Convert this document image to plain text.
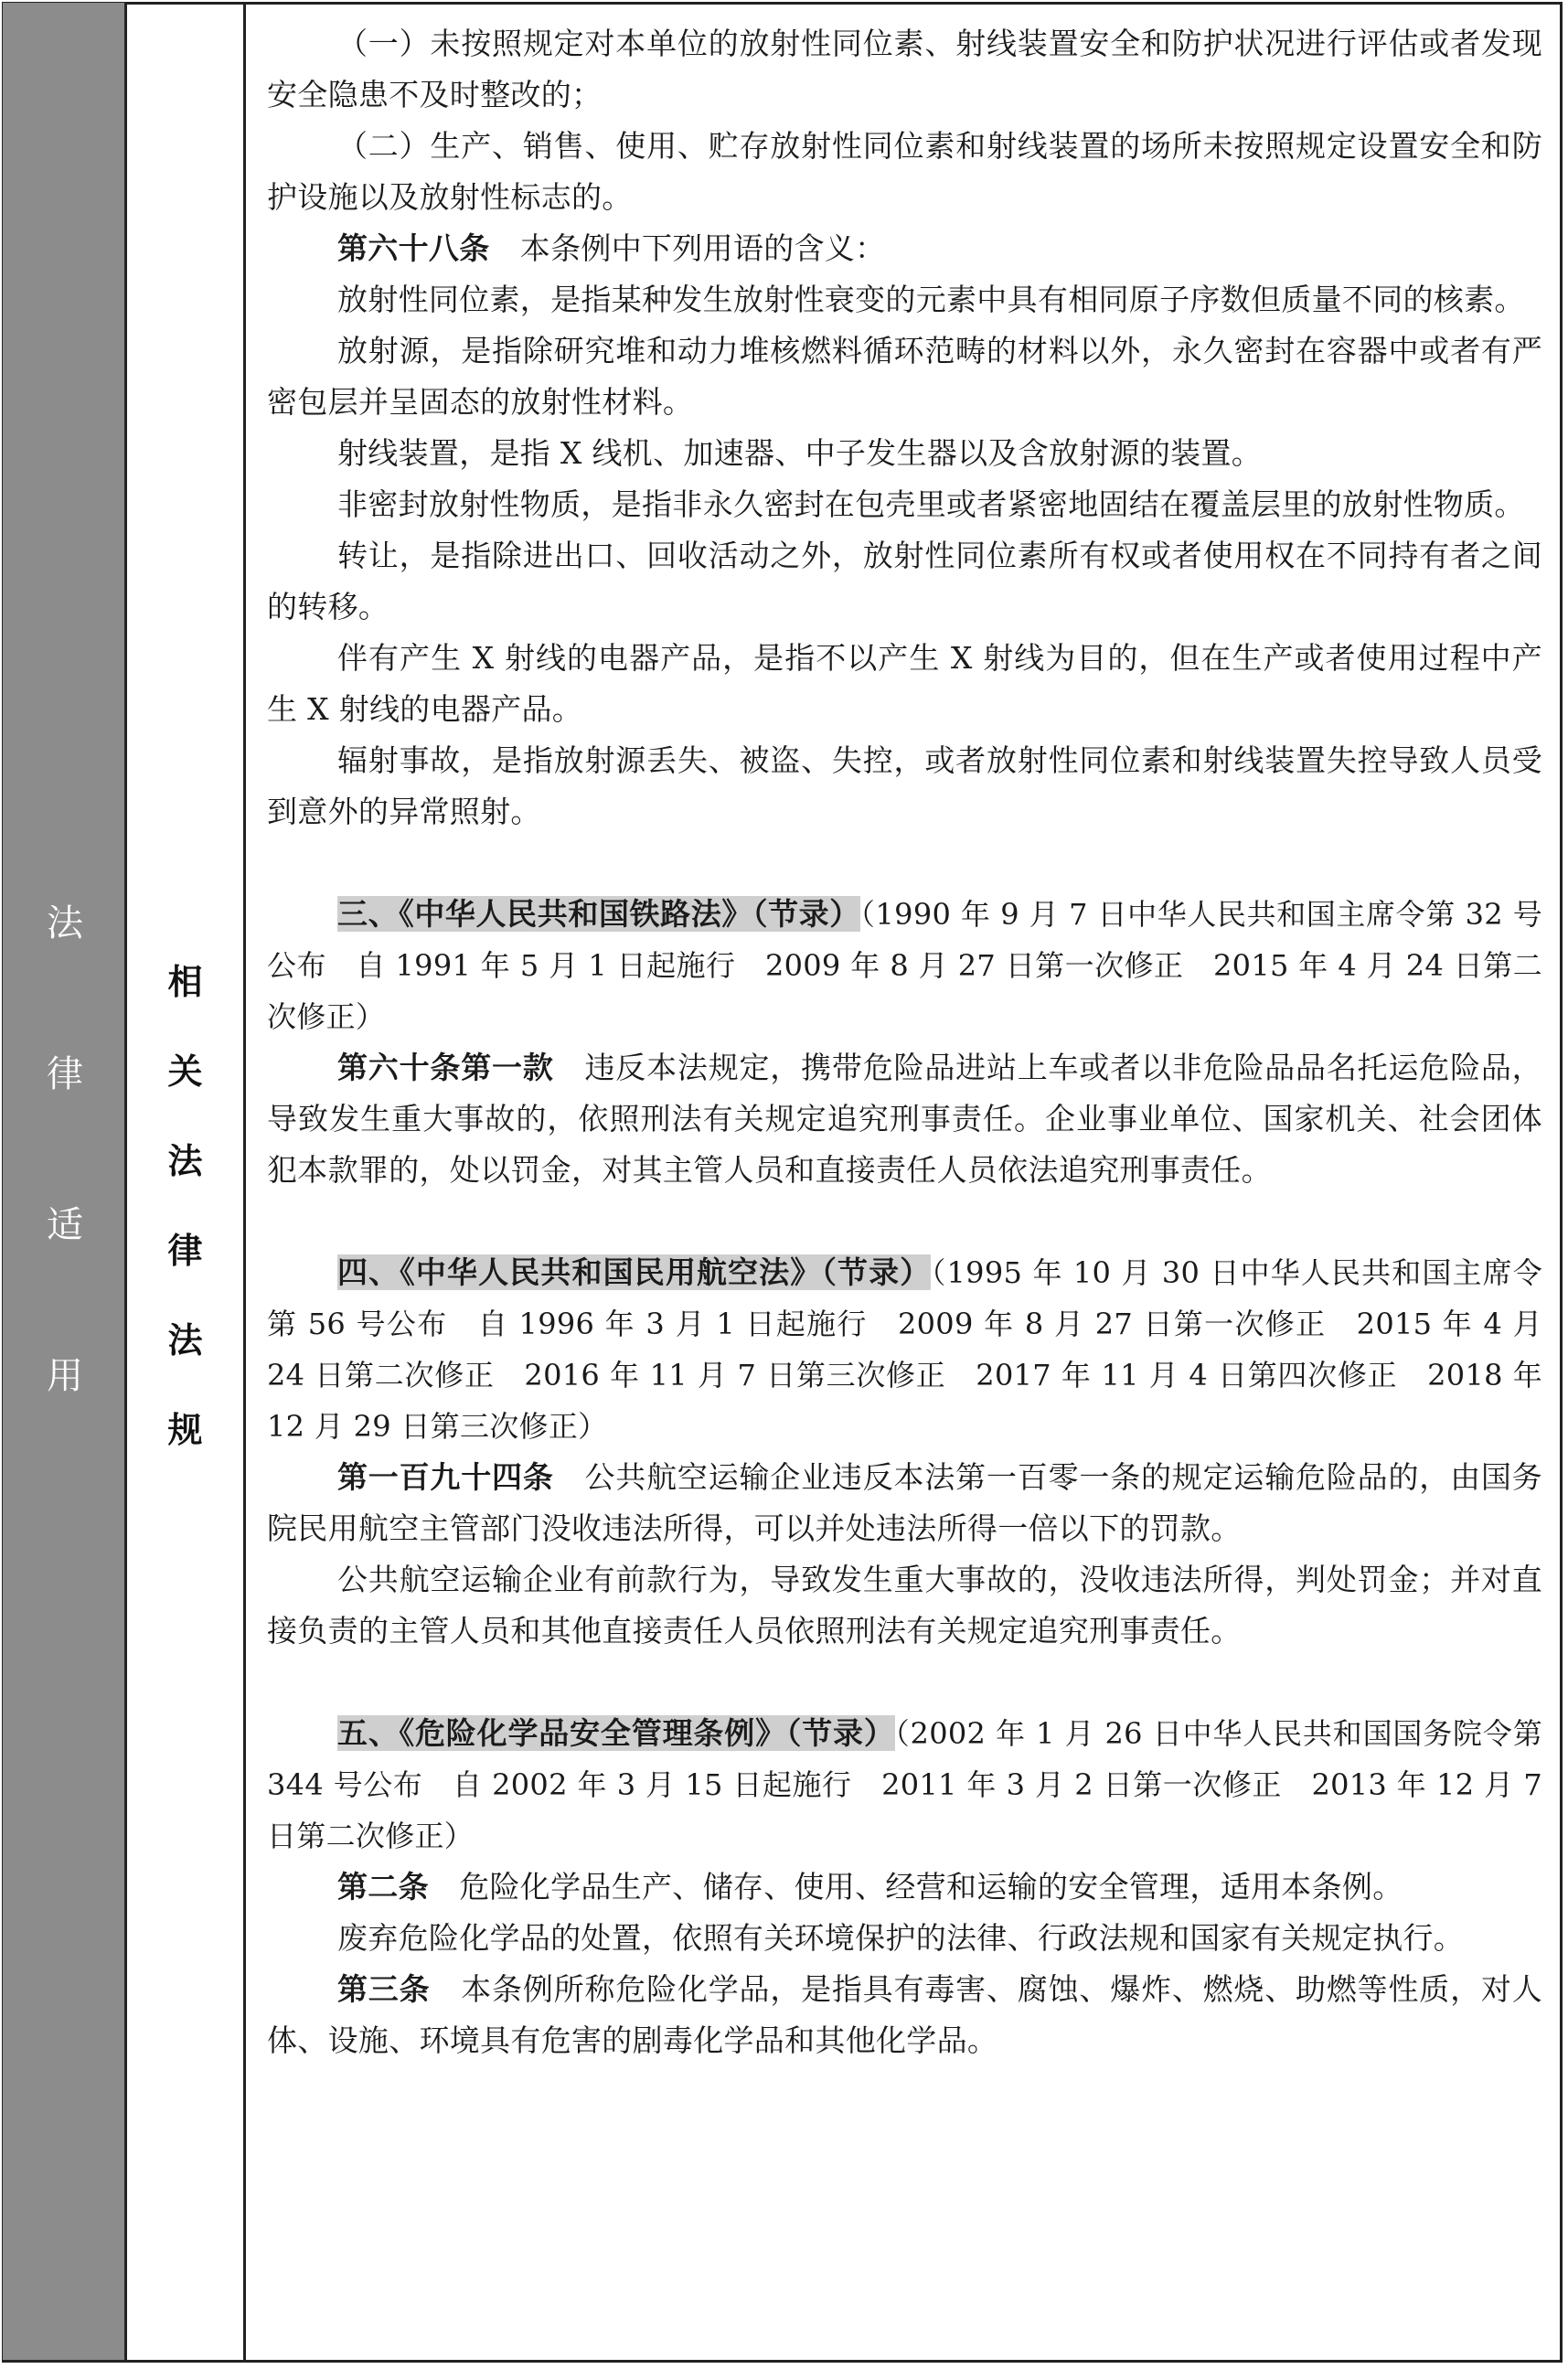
法
律
适
用
相
关
法
律
法
规

（一）未按照规定对本单位的放射性同位素、射线装置安全和防护状况进行评估或者发现安全隐患不及时整改的；

（二）生产、销售、使用、贮存放射性同位素和射线装置的场所未按照规定设置安全和防护设施以及放射性标志的。

第六十八条　本条例中下列用语的含义：

放射性同位素，是指某种发生放射性衰变的元素中具有相同原子序数但质量不同的核素。

放射源，是指除研究堆和动力堆核燃料循环范畴的材料以外，永久密封在容器中或者有严密包层并呈固态的放射性材料。

射线装置，是指 X 线机、加速器、中子发生器以及含放射源的装置。

非密封放射性物质，是指非永久密封在包壳里或者紧密地固结在覆盖层里的放射性物质。

转让，是指除进出口、回收活动之外，放射性同位素所有权或者使用权在不同持有者之间的转移。

伴有产生 X 射线的电器产品，是指不以产生 X 射线为目的，但在生产或者使用过程中产生 X 射线的电器产品。

辐射事故，是指放射源丢失、被盗、失控，或者放射性同位素和射线装置失控导致人员受到意外的异常照射。

三、《中华人民共和国铁路法》（节录）（1990 年 9 月 7 日中华人民共和国主席令第 32 号公布　自 1991 年 5 月 1 日起施行　2009 年 8 月 27 日第一次修正　2015 年 4 月 24 日第二次修正）

第六十条第一款　违反本法规定，携带危险品进站上车或者以非危险品品名托运危险品，导致发生重大事故的，依照刑法有关规定追究刑事责任。企业事业单位、国家机关、社会团体犯本款罪的，处以罚金，对其主管人员和直接责任人员依法追究刑事责任。

四、《中华人民共和国民用航空法》（节录）（1995 年 10 月 30 日中华人民共和国主席令第 56 号公布　自 1996 年 3 月 1 日起施行　2009 年 8 月 27 日第一次修正　2015 年 4 月 24 日第二次修正　2016 年 11 月 7 日第三次修正　2017 年 11 月 4 日第四次修正　2018 年 12 月 29 日第三次修正）

第一百九十四条　公共航空运输企业违反本法第一百零一条的规定运输危险品的，由国务院民用航空主管部门没收违法所得，可以并处违法所得一倍以下的罚款。

公共航空运输企业有前款行为，导致发生重大事故的，没收违法所得，判处罚金；并对直接负责的主管人员和其他直接责任人员依照刑法有关规定追究刑事责任。

五、《危险化学品安全管理条例》（节录）（2002 年 1 月 26 日中华人民共和国国务院令第 344 号公布　自 2002 年 3 月 15 日起施行　2011 年 3 月 2 日第一次修正　2013 年 12 月 7 日第二次修正）

第二条　危险化学品生产、储存、使用、经营和运输的安全管理，适用本条例。

废弃危险化学品的处置，依照有关环境保护的法律、行政法规和国家有关规定执行。

第三条　本条例所称危险化学品，是指具有毒害、腐蚀、爆炸、燃烧、助燃等性质，对人体、设施、环境具有危害的剧毒化学品和其他化学品。
